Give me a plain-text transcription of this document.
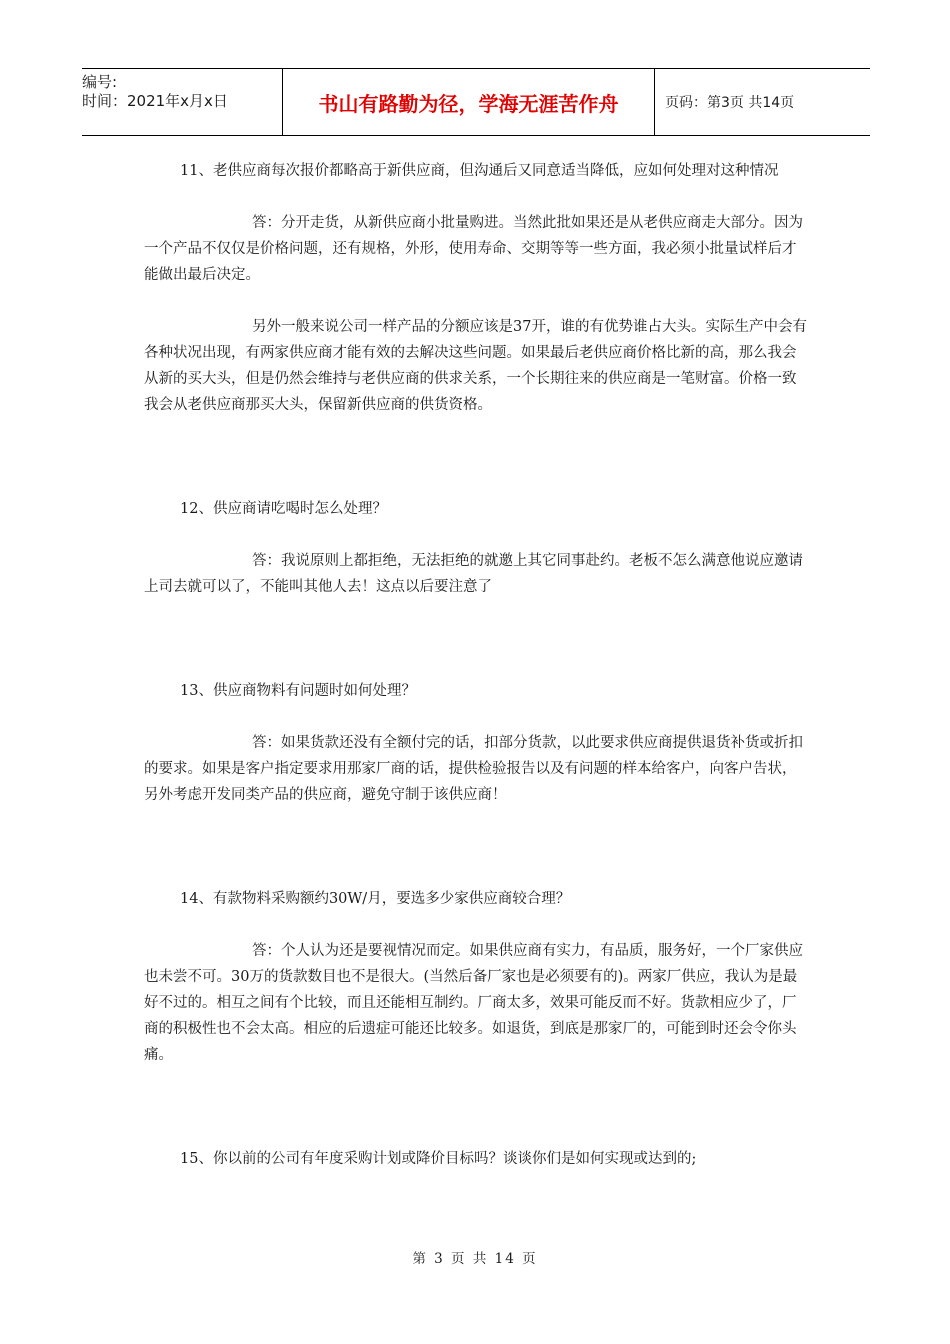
编号:
时间：2021年x月x日	书山有路勤为径，学海无涯苦作舟	页码：第3页 共14页

11、老供应商每次报价都略高于新供应商，但沟通后又同意适当降低，应如何处理对这种情况

答：分开走货，从新供应商小批量购进。当然此批如果还是从老供应商走大部分。因为一个产品不仅仅是价格问题，还有规格，外形，使用寿命、交期等等一些方面，我必须小批量试样后才能做出最后决定。

另外一般来说公司一样产品的分额应该是37开，谁的有优势谁占大头。实际生产中会有各种状况出现，有两家供应商才能有效的去解决这些问题。如果最后老供应商价格比新的高，那么我会从新的买大头，但是仍然会维持与老供应商的供求关系，一个长期往来的供应商是一笔财富。价格一致我会从老供应商那买大头，保留新供应商的供货资格。

12、供应商请吃喝时怎么处理？

答：我说原则上都拒绝，无法拒绝的就邀上其它同事赴约。老板不怎么满意他说应邀请上司去就可以了，不能叫其他人去！这点以后要注意了

13、供应商物料有问题时如何处理？

答：如果货款还没有全额付完的话，扣部分货款，以此要求供应商提供退货补货或折扣的要求。如果是客户指定要求用那家厂商的话，提供检验报告以及有问题的样本给客户，向客户告状，另外考虑开发同类产品的供应商，避免守制于该供应商！

14、有款物料采购额约30W/月，要选多少家供应商较合理？

答：个人认为还是要视情况而定。如果供应商有实力，有品质，服务好，一个厂家供应也未尝不可。30万的货款数目也不是很大。(当然后备厂家也是必须要有的)。两家厂供应，我认为是最好不过的。相互之间有个比较，而且还能相互制约。厂商太多，效果可能反而不好。货款相应少了，厂商的积极性也不会太高。相应的后遗症可能还比较多。如退货，到底是那家厂的，可能到时还会令你头痛。

15、你以前的公司有年度采购计划或降价目标吗？谈谈你们是如何实现或达到的;

第 3 页 共 14 页
